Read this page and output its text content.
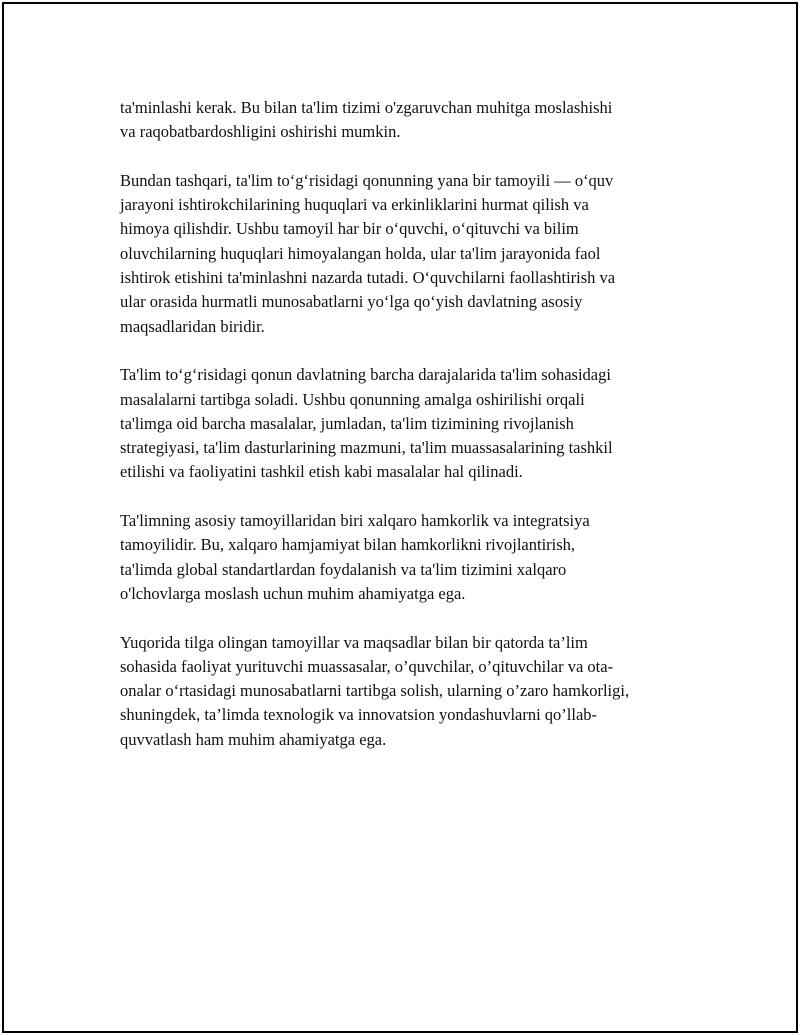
ta'minlashi kerak. Bu bilan ta'lim tizimi o'zgaruvchan muhitga moslashishi
va raqobatbardoshligini oshirishi mumkin.

Bundan tashqari, ta'lim to‘g‘risidagi qonunning yana bir tamoyili — o‘quv
jarayoni ishtirokchilarining huquqlari va erkinliklarini hurmat qilish va
himoya qilishdir. Ushbu tamoyil har bir o‘quvchi, o‘qituvchi va bilim
oluvchilarning huquqlari himoyalangan holda, ular ta'lim jarayonida faol
ishtirok etishini ta'minlashni nazarda tutadi. O‘quvchilarni faollashtirish va
ular orasida hurmatli munosabatlarni yo‘lga qo‘yish davlatning asosiy
maqsadlaridan biridir.

Ta'lim to‘g‘risidagi qonun davlatning barcha darajalarida ta'lim sohasidagi
masalalarni tartibga soladi. Ushbu qonunning amalga oshirilishi orqali
ta'limga oid barcha masalalar, jumladan, ta'lim tizimining rivojlanish
strategiyasi, ta'lim dasturlarining mazmuni, ta'lim muassasalarining tashkil
etilishi va faoliyatini tashkil etish kabi masalalar hal qilinadi.

Ta'limning asosiy tamoyillaridan biri xalqaro hamkorlik va integratsiya
tamoyilidir. Bu, xalqaro hamjamiyat bilan hamkorlikni rivojlantirish,
ta'limda global standartlardan foydalanish va ta'lim tizimini xalqaro
o'lchovlarga moslash uchun muhim ahamiyatga ega.

Yuqorida tilga olingan tamoyillar va maqsadlar bilan bir qatorda ta’lim
sohasida faoliyat yurituvchi muassasalar, o’quvchilar, o’qituvchilar va ota-
onalar o‘rtasidagi munosabatlarni tartibga solish, ularning o’zaro hamkorligi,
shuningdek, ta’limda texnologik va innovatsion yondashuvlarni qo’llab-
quvvatlash ham muhim ahamiyatga ega.
